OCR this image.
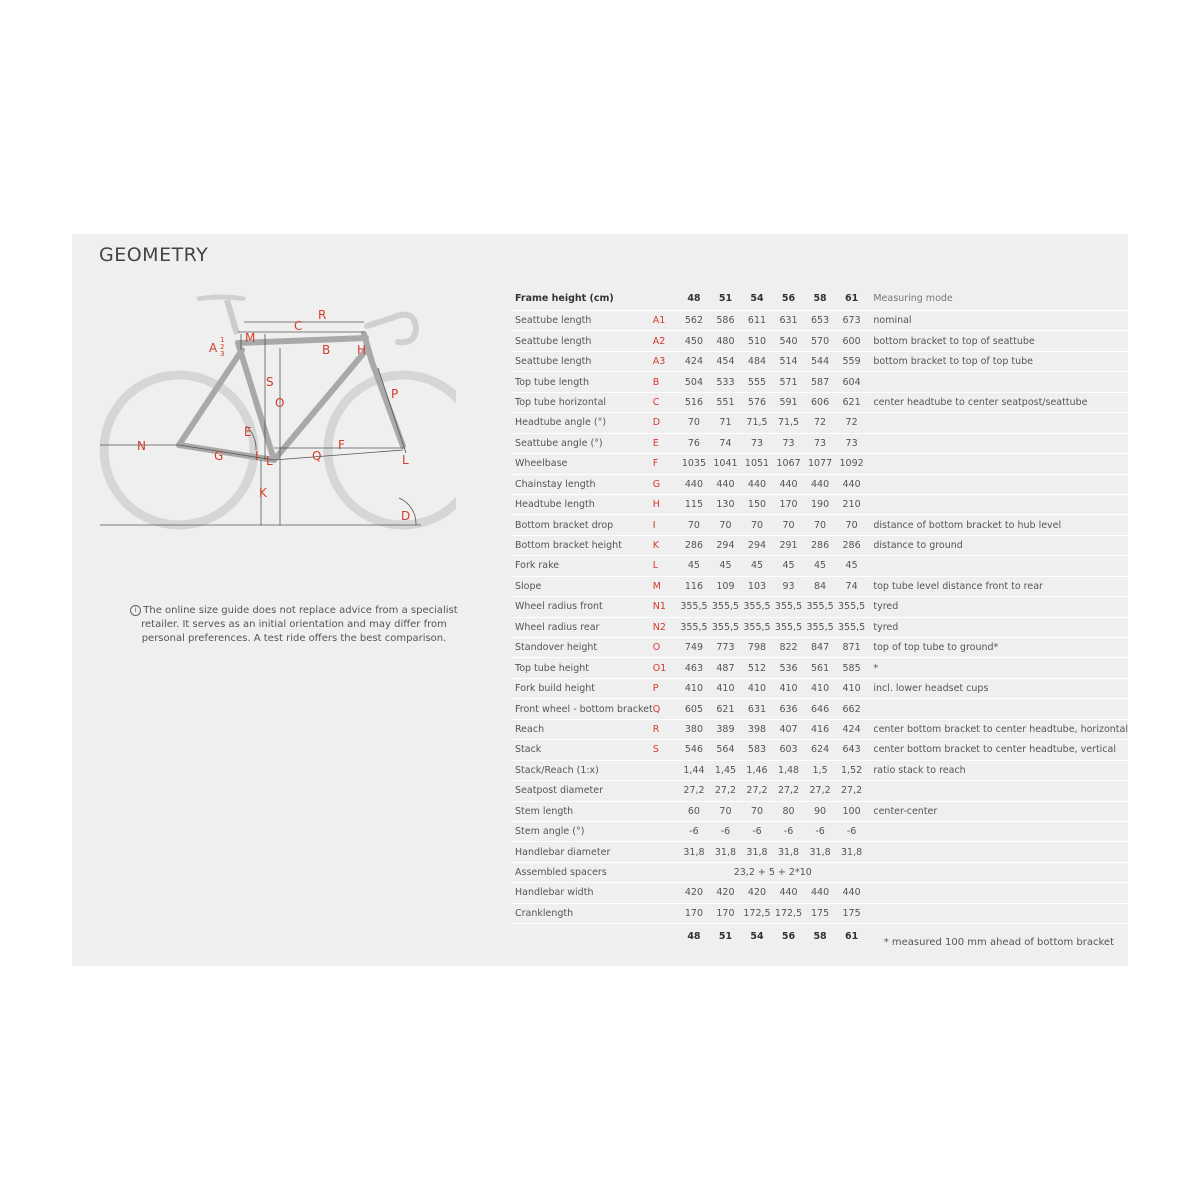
GEOMETRY
A
1
2
3
M
C
R
B H
S
O
P
E
N
G	I L
F
Q	L
K
D
i The online size guide does not replace advice from a specialist retailer. It serves as an initial orientation and may differ from personal preferences. A test ride offers the best comparison.
Frame height (cm)		48	51	54	56	58	61	Measuring mode
Seattube length	A1	562	586	611	631	653	673	nominal
Seattube length	A2	450	480	510	540	570	600	bottom bracket to top of seattube
Seattube length	A3	424	454	484	514	544	559	bottom bracket to top of top tube
Top tube length	B	504	533	555	571	587	604	
Top tube horizontal	C	516	551	576	591	606	621	center headtube to center seatpost/seattube
Headtube angle (°)	D	70	71	71,5	71,5	72	72	
Seattube angle (°)	E	76	74	73	73	73	73	
Wheelbase	F	1035	1041	1051	1067	1077	1092	
Chainstay length	G	440	440	440	440	440	440	
Headtube length	H	115	130	150	170	190	210	
Bottom bracket drop	I	70	70	70	70	70	70	distance of bottom bracket to hub level
Bottom bracket height	K	286	294	294	291	286	286	distance to ground
Fork rake	L	45	45	45	45	45	45	
Slope	M	116	109	103	93	84	74	top tube level distance front to rear
Wheel radius front	N1	355,5	355,5	355,5	355,5	355,5	355,5	tyred
Wheel radius rear	N2	355,5	355,5	355,5	355,5	355,5	355,5	tyred
Standover height	O	749	773	798	822	847	871	top of top tube to ground*
Top tube height	O1	463	487	512	536	561	585	*
Fork build height	P	410	410	410	410	410	410	incl. lower headset cups
Front wheel - bottom bracket	Q	605	621	631	636	646	662	
Reach	R	380	389	398	407	416	424	center bottom bracket to center headtube, horizontal
Stack	S	546	564	583	603	624	643	center bottom bracket to center headtube, vertical
Stack/Reach (1:x)		1,44	1,45	1,46	1,48	1,5	1,52	ratio stack to reach
Seatpost diameter		27,2	27,2	27,2	27,2	27,2	27,2	
Stem length		60	70	70	80	90	100	center-center
Stem angle (°)		-6	-6	-6	-6	-6	-6	
Handlebar diameter		31,8	31,8	31,8	31,8	31,8	31,8	
Assembled spacers		23,2 + 5 + 2*10						
Handlebar width		420	420	420	440	440	440	
Cranklength		170	170	172,5	172,5	175	175	
		48	51	54	56	58	61	
* measured 100 mm ahead of bottom bracket
